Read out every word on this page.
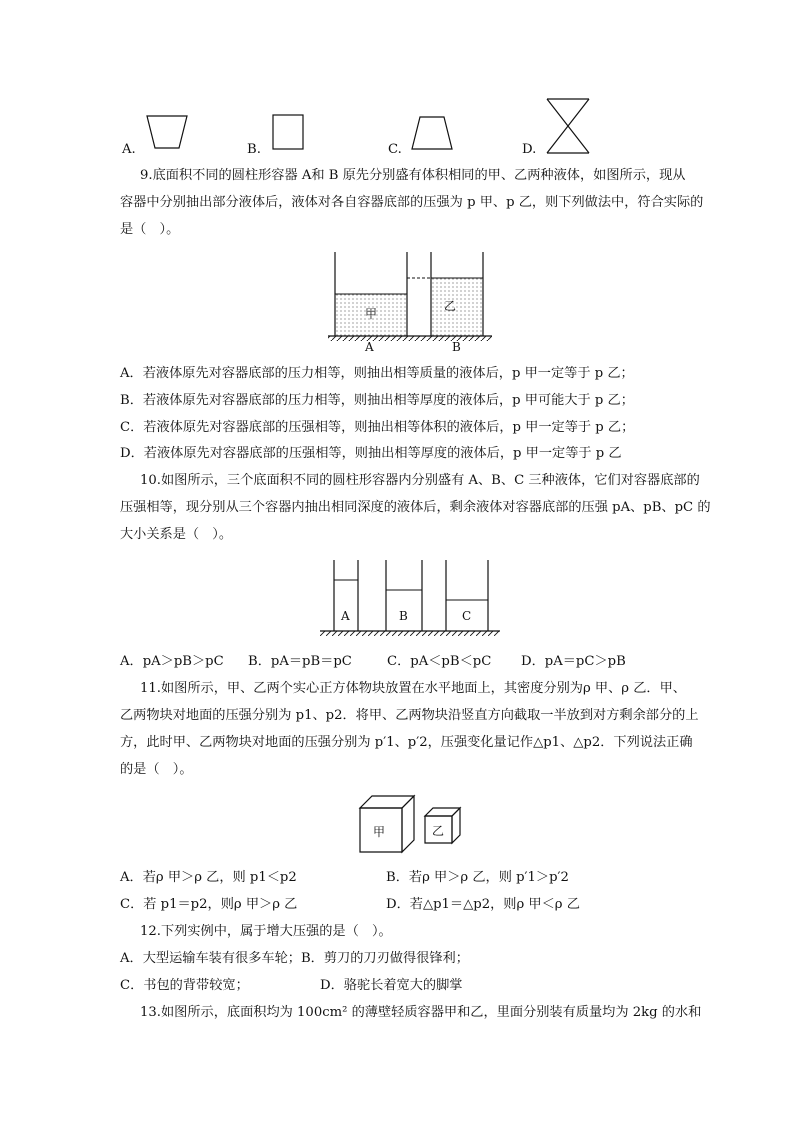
A.	B.	C.	D.
9.底面积不同的圆柱形容器 A和 B 原先分别盛有体积相同的甲、乙两种液体，如图所示，现从
容器中分别抽出部分液体后，液体对各自容器底部的压强为 p 甲、p 乙，则下列做法中，符合实际的
是（　）。
甲
乙
A	B
A．若液体原先对容器底部的压力相等，则抽出相等质量的液体后，p 甲一定等于 p 乙；
B．若液体原先对容器底部的压力相等，则抽出相等厚度的液体后，p 甲可能大于 p 乙；
C．若液体原先对容器底部的压强相等，则抽出相等体积的液体后，p 甲一定等于 p 乙；
D．若液体原先对容器底部的压强相等，则抽出相等厚度的液体后，p 甲一定等于 p 乙
10.如图所示，三个底面积不同的圆柱形容器内分别盛有 A、B、C 三种液体，它们对容器底部的
压强相等，现分别从三个容器内抽出相同深度的液体后，剩余液体对容器底部的压强 pA、pB、pC 的
大小关系是（　）。
A	B	C
A．pA＞pB＞pC B．pA＝pB＝pC	C．pA＜pB＜pC D．pA＝pC＞pB
11.如图所示，甲、乙两个实心正方体物块放置在水平地面上，其密度分别为ρ 甲、ρ 乙．甲、
乙两物块对地面的压强分别为 p1、p2．将甲、乙两物块沿竖直方向截取一半放到对方剩余部分的上
方，此时甲、乙两物块对地面的压强分别为 p′1、p′2，压强变化量记作△p1、△p2．下列说法正确
的是（　）。
甲	乙
A．若ρ 甲＞ρ 乙，则 p1＜p2	B．若ρ 甲＞ρ 乙，则 p′1＞p′2
C．若 p1＝p2，则ρ 甲＞ρ 乙	D．若△p1＝△p2，则ρ 甲＜ρ 乙
12.下列实例中，属于增大压强的是（　）。
A．大型运输车装有很多车轮；B．剪刀的刀刃做得很锋利；
C．书包的背带较宽；	D．骆驼长着宽大的脚掌
13.如图所示，底面积均为 100cm² 的薄壁轻质容器甲和乙，里面分别装有质量均为 2kg 的水和
